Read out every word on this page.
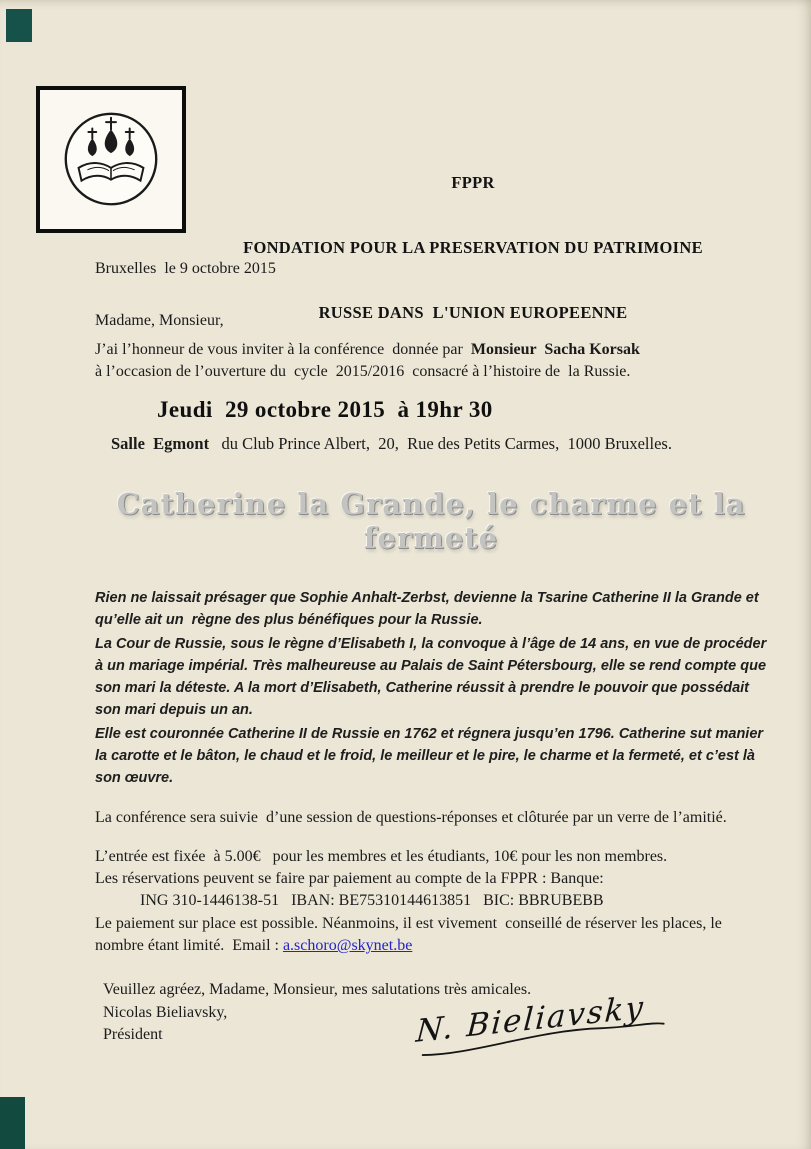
FPPR

FONDATION POUR LA PRESERVATION DU PATRIMOINE

RUSSE DANS  L'UNION EUROPEENNE

Bruxelles  le 9 octobre 2015

Madame, Monsieur,

J’ai l’honneur de vous inviter à la conférence  donnée par  Monsieur  Sacha Korsak

à l’occasion de l’ouverture du  cycle  2015/2016  consacré à l’histoire de  la Russie.

Jeudi  29 octobre 2015  à 19hr 30

Salle  Egmont   du Club Prince Albert,  20,  Rue des Petits Carmes,  1000 Bruxelles.

Catherine la Grande, le charme et la fermeté

Rien ne laissait présager que Sophie Anhalt-Zerbst, devienne la Tsarine Catherine II la Grande et  qu’elle ait un  règne des plus bénéfiques pour la Russie.

La Cour de Russie, sous le règne d’Elisabeth I, la convoque à l’âge de 14 ans, en vue de procéder à un mariage impérial. Très malheureuse au Palais de Saint Pétersbourg, elle se rend compte que son mari la déteste. A la mort d’Elisabeth, Catherine réussit à prendre le pouvoir que possédait son mari depuis un an.

Elle est couronnée Catherine II de Russie en 1762 et régnera jusqu’en 1796. Catherine sut manier la carotte et le bâton, le chaud et le froid, le meilleur et le pire, le charme et la fermeté, et c’est là son œuvre.

La conférence sera suivie  d’une session de questions-réponses et clôturée par un verre de l’amitié.

L’entrée est fixée  à 5.00€   pour les membres et les étudiants, 10€ pour les non membres.

Les réservations peuvent se faire par paiement au compte de la FPPR : Banque:

ING 310-1446138-51   IBAN: BE75310144613851   BIC: BBRUBEBB

Le paiement sur place est possible. Néanmoins, il est vivement  conseillé de réserver les places, le nombre étant limité.  Email : a.schoro@skynet.be

Veuillez agréez, Madame, Monsieur, mes salutations très amicales.
Nicolas Bieliavsky,
Président	N. Bieliavsky
